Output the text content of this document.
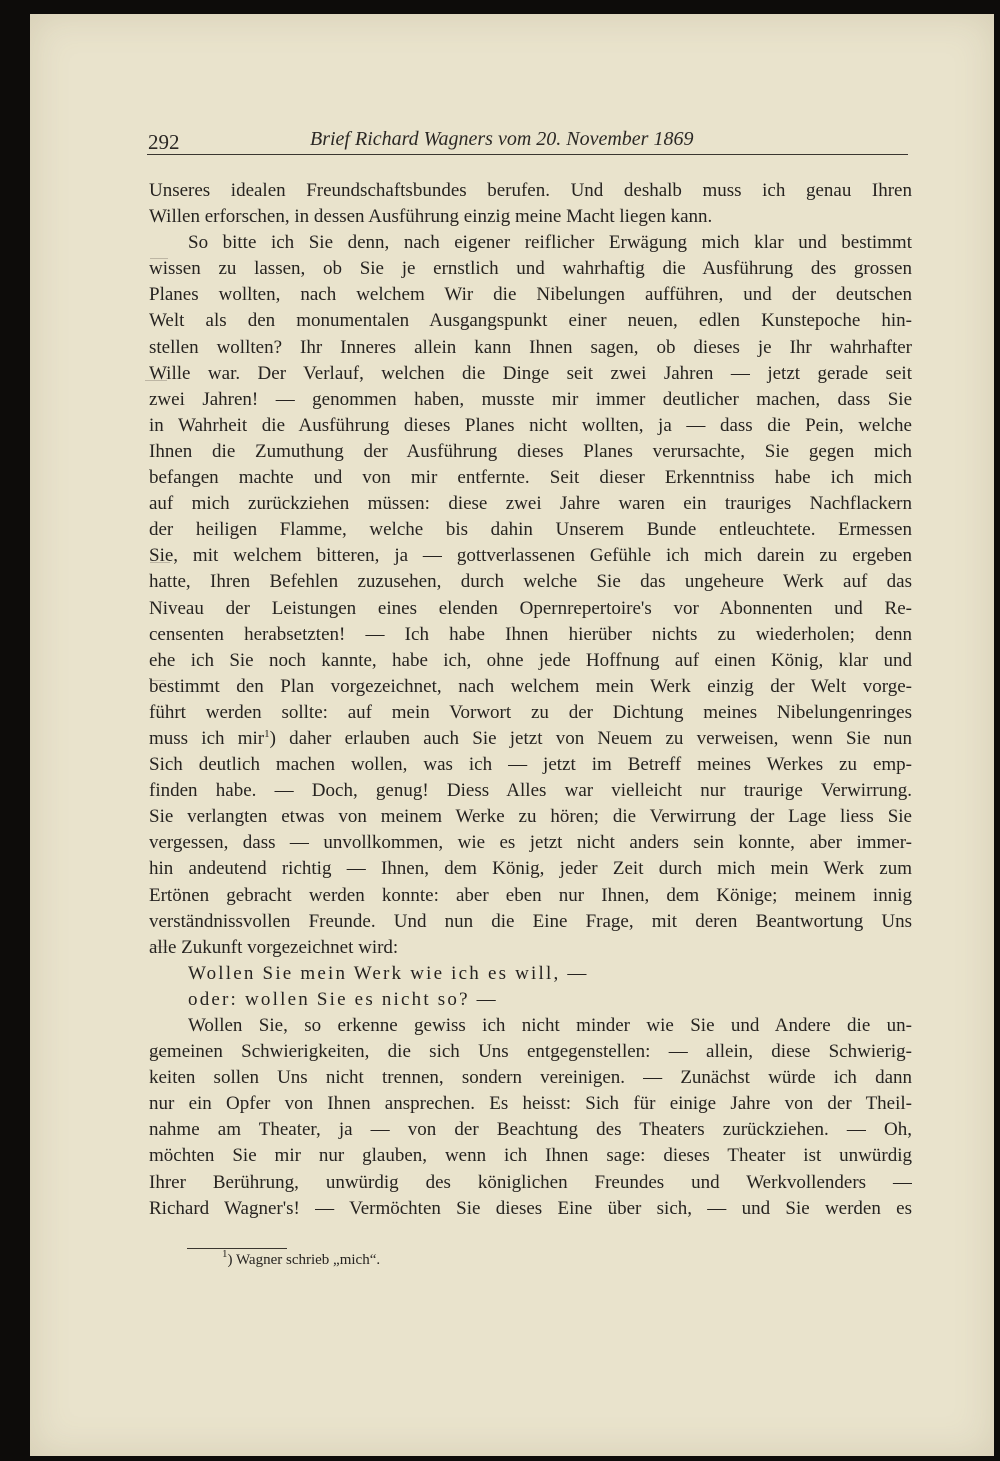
292	Brief Richard Wagners vom 20. November 1869
Unseres idealen Freundschaftsbundes berufen. Und deshalb muss ich genau Ihren
Willen erforschen, in dessen Ausführung einzig meine Macht liegen kann.
So bitte ich Sie denn, nach eigener reiflicher Erwägung mich klar und bestimmt
wissen zu lassen, ob Sie je ernstlich und wahrhaftig die Ausführung des grossen
Planes wollten, nach welchem Wir die Nibelungen aufführen, und der deutschen
Welt als den monumentalen Ausgangspunkt einer neuen, edlen Kunstepoche hin-
stellen wollten? Ihr Inneres allein kann Ihnen sagen, ob dieses je Ihr wahrhafter
Wille war. Der Verlauf, welchen die Dinge seit zwei Jahren — jetzt gerade seit
zwei Jahren! — genommen haben, musste mir immer deutlicher machen, dass Sie
in Wahrheit die Ausführung dieses Planes nicht wollten, ja — dass die Pein, welche
Ihnen die Zumuthung der Ausführung dieses Planes verursachte, Sie gegen mich
befangen machte und von mir entfernte. Seit dieser Erkenntniss habe ich mich
auf mich zurückziehen müssen: diese zwei Jahre waren ein trauriges Nachflackern
der heiligen Flamme, welche bis dahin Unserem Bunde entleuchtete. Ermessen
Sie, mit welchem bitteren, ja — gottverlassenen Gefühle ich mich darein zu ergeben
hatte, Ihren Befehlen zuzusehen, durch welche Sie das ungeheure Werk auf das
Niveau der Leistungen eines elenden Opernrepertoire's vor Abonnenten und Re-
censenten herabsetzten! — Ich habe Ihnen hierüber nichts zu wiederholen; denn
ehe ich Sie noch kannte, habe ich, ohne jede Hoffnung auf einen König, klar und
bestimmt den Plan vorgezeichnet, nach welchem mein Werk einzig der Welt vorge-
führt werden sollte: auf mein Vorwort zu der Dichtung meines Nibelungenringes
muss ich mir$^1$) daher erlauben auch Sie jetzt von Neuem zu verweisen, wenn Sie nun
Sich deutlich machen wollen, was ich — jetzt im Betreff meines Werkes zu emp-
finden habe. — Doch, genug! Diess Alles war vielleicht nur traurige Verwirrung.
Sie verlangten etwas von meinem Werke zu hören; die Verwirrung der Lage liess Sie
vergessen, dass — unvollkommen, wie es jetzt nicht anders sein konnte, aber immer-
hin andeutend richtig — Ihnen, dem König, jeder Zeit durch mich mein Werk zum
Ertönen gebracht werden konnte: aber eben nur Ihnen, dem Könige; meinem innig
verständnissvollen Freunde. Und nun die Eine Frage, mit deren Beantwortung Uns
alle Zukunft vorgezeichnet wird:
Wollen Sie mein Werk wie ich es will, —
oder: wollen Sie es nicht so? —
Wollen Sie, so erkenne gewiss ich nicht minder wie Sie und Andere die un-
gemeinen Schwierigkeiten, die sich Uns entgegenstellen: — allein, diese Schwierig-
keiten sollen Uns nicht trennen, sondern vereinigen. — Zunächst würde ich dann
nur ein Opfer von Ihnen ansprechen. Es heisst: Sich für einige Jahre von der Theil-
nahme am Theater, ja — von der Beachtung des Theaters zurückziehen. — Oh,
möchten Sie mir nur glauben, wenn ich Ihnen sage: dieses Theater ist unwürdig
Ihrer Berührung, unwürdig des königlichen Freundes und Werkvollenders —
Richard Wagner's! — Vermöchten Sie dieses Eine über sich, — und Sie werden es
$^1$) Wagner schrieb „mich“.
